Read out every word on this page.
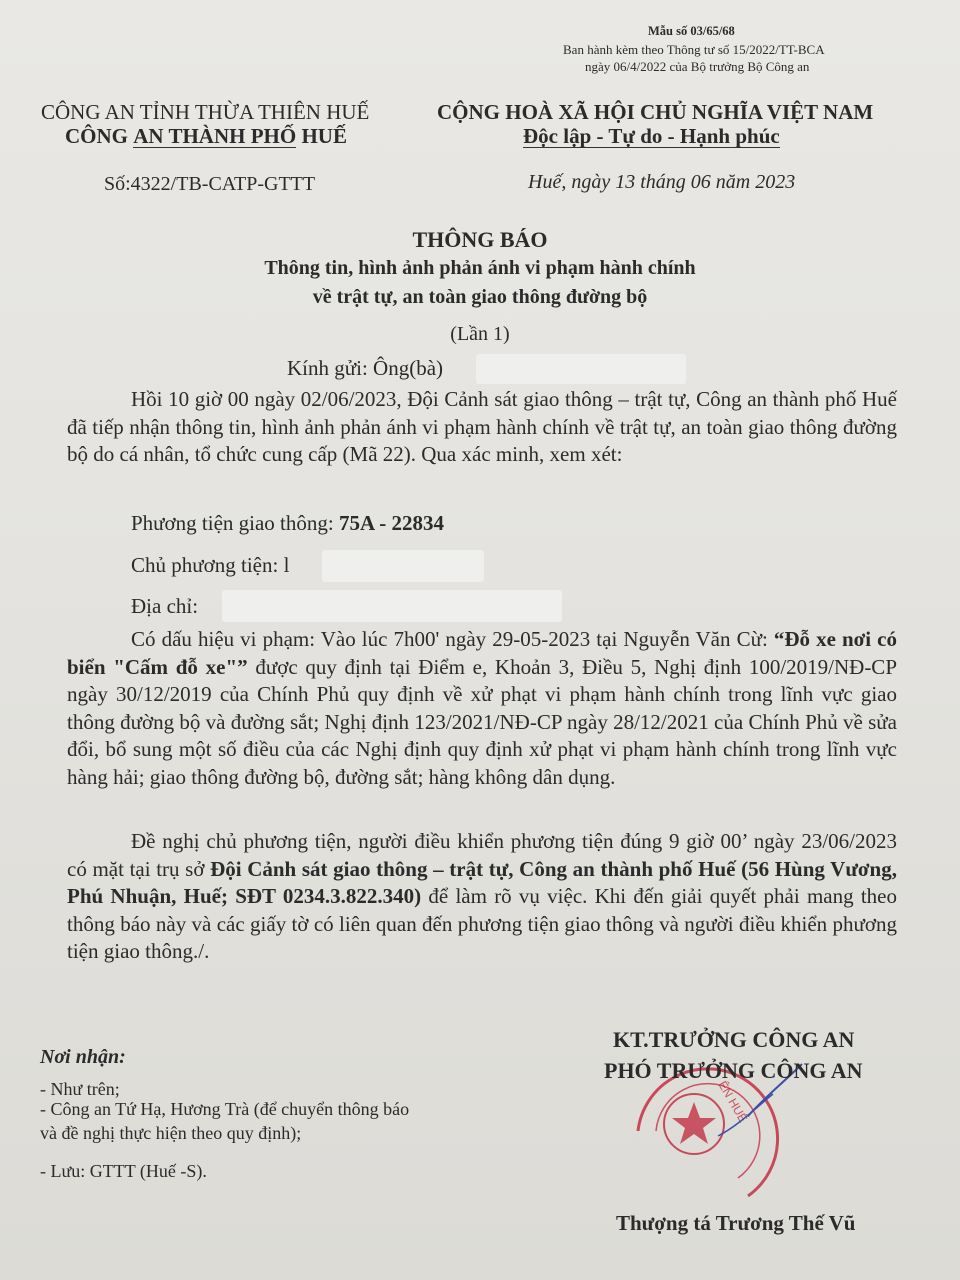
Mẫu số 03/65/68
Ban hành kèm theo Thông tư số 15/2022/TT-BCA
ngày 06/4/2022 của Bộ trưởng Bộ Công an
CÔNG AN TỈNH THỪA THIÊN HUẾ
CÔNG AN THÀNH PHỐ HUẾ
CỘNG HOÀ XÃ HỘI CHỦ NGHĨA VIỆT NAM
Độc lập - Tự do - Hạnh phúc
Số:4322/TB-CATP-GTTT	Huế, ngày 13 tháng 06 năm 2023
THÔNG BÁO
Thông tin, hình ảnh phản ánh vi phạm hành chính
về trật tự, an toàn giao thông đường bộ
(Lần 1)
Kính gửi: Ông(bà)
Hồi 10 giờ 00 ngày 02/06/2023, Đội Cảnh sát giao thông – trật tự, Công an thành phố Huế đã tiếp nhận thông tin, hình ảnh phản ánh vi phạm hành chính về trật tự, an toàn giao thông đường bộ do cá nhân, tổ chức cung cấp (Mã 22). Qua xác minh, xem xét:
Phương tiện giao thông: 75A - 22834
Chủ phương tiện: l
Địa chỉ:
Có dấu hiệu vi phạm: Vào lúc 7h00' ngày 29-05-2023 tại Nguyễn Văn Cừ: “Đỗ xe nơi có biển "Cấm đỗ xe"” được quy định tại Điểm e, Khoản 3, Điều 5, Nghị định 100/2019/NĐ-CP ngày 30/12/2019 của Chính Phủ quy định về xử phạt vi phạm hành chính trong lĩnh vực giao thông đường bộ và đường sắt; Nghị định 123/2021/NĐ-CP ngày 28/12/2021 của Chính Phủ về sửa đổi, bổ sung một số điều của các Nghị định quy định xử phạt vi phạm hành chính trong lĩnh vực hàng hải; giao thông đường bộ, đường sắt; hàng không dân dụng.
Đề nghị chủ phương tiện, người điều khiển phương tiện đúng 9 giờ 00’ ngày 23/06/2023 có mặt tại trụ sở Đội Cảnh sát giao thông – trật tự, Công an thành phố Huế (56 Hùng Vương, Phú Nhuận, Huế; SĐT 0234.3.822.340) để làm rõ vụ việc. Khi đến giải quyết phải mang theo thông báo này và các giấy tờ có liên quan đến phương tiện giao thông và người điều khiển phương tiện giao thông./.
Nơi nhận:
- Như trên;
- Công an Tứ Hạ, Hương Trà (để chuyển thông báo
và đề nghị thực hiện theo quy định);
- Lưu: GTTT (Huế -S).
ÊN HUẾ
KT.TRƯỞNG CÔNG AN
PHÓ TRƯỞNG CÔNG AN
Thượng tá Trương Thế Vũ
